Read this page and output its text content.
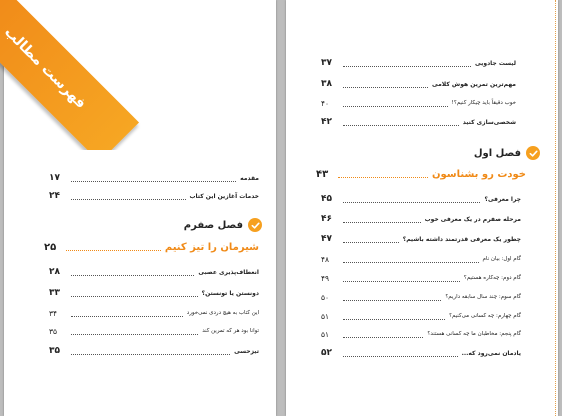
فهرست مطالب
مقدمه
۱۷
خدمات آغازین این کتاب
۲۴
فصل صفرم
شیرمان را تیز کنیم
۲۵
انعطاف‌پذیری عصبی
۲۸
دونستن یا تونستن؟
۳۳
این کتاب به هیچ دردی نمی‌خورد
۳۴
توانا بود هر که تمرین کند
۳۵
تیزحسی
۳۵
لیست جادویی
۳۷
مهم‌ترین تمرین هوش کلامی
۳۸
خوب دقیقاً باید چیکار کنیم؟!
۴۰
شخصی‌سازی کنید
۴۲
فصل اول
خودت رو بشناسون
۴۳
چرا معرفی؟
۴۵
مرحله صفرم در یک معرفی خوب
۴۶
چطور یک معرفی قدرتمند داشته باشیم؟
۴۷
گام اول: بیان نام
۴۸
گام دوم: چه‌کاره هستیم؟
۴۹
گام سوم: چند سال سابقه داریم؟
۵۰
گام چهارم: چه کسانی می‌کنیم؟
۵۱
گام پنجم: مخاطبان ما چه کسانی هستند؟
۵۱
یادمان نمی‌رود که...
۵۲
